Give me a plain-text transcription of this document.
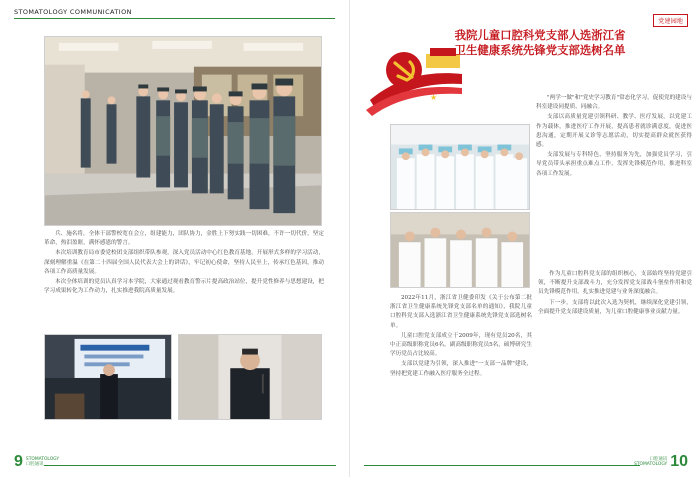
STOMATOLOGY COMMUNICATION

兵、施名将，全体干部警校宽在会立，组建能力，团队协力，金胜上下努实践一切困难，不许一切代价，坚定革命，热泪盈眶，满怀感恩的警言。

本次培训教育局市委党校团支部组织带队参观，深入党员活动中心红色教育基地，开展形式多样的学习活动，深刻理解重温《在第二十四届全国人民代表大会上的讲话》，牢记初心使命，坚持人民至上，传承红色基因，推动各项工作高质量发展。

本次全体培训的党员认真学习本学院，大家通过观看教育警示片提高政治站位，提升党性修养与思想建设，把学习成果转化为工作动力，扎实推进我院高质量发展。

9 STOMATOLOGY
口腔通讯
党建园地
★
我院儿童口腔科党支部人选浙江省
卫生健康系统先锋党支部选树名单

"两学一做"和"党史学习教育"常态化学习，促使党的建设与科室建设同提质、同融合。

支部以高质量党建引领科研、教学、医疗发展，以党建工作为载体，推进医疗工作开展，提高患者就诊满意度，促进医患沟通，定期开展义诊等志愿活动，切实提高群众就医获得感。

支部发展与专科特色，坚持服务为先，加强党员学习，引导党员带头承担重点难点工作，发挥先锋模范作用，推进科室各项工作发展。

2022年11月，浙江省卫健委印发《关于公布第二批浙江省卫生健康系统先锋党支部名单的通知》，我院儿童口腔科党支部入选浙江省卫生健康系统先锋党支部选树名单。

儿童口腔党支部成立于2009年，现有党员20名，其中正高级职称党员6名，副高级职称党员5名，硕博研究生学历党员占比较高。

支部以党建为引领，深入推进"一支部一品牌"建设，坚持把党建工作融入医疗服务全过程。

作为儿童口腔科党支部的组织核心，支部始终坚持党建引领，不断提升支部战斗力，充分发挥党支部战斗堡垒作用和党员先锋模范作用，扎实推进党建与业务深度融合。

下一步，支部将以此次入选为契机，继续深化党建引领，全面提升党支部建设质量，为儿童口腔健康事业贡献力量。

口腔通讯
STOMATOLOGY 10
